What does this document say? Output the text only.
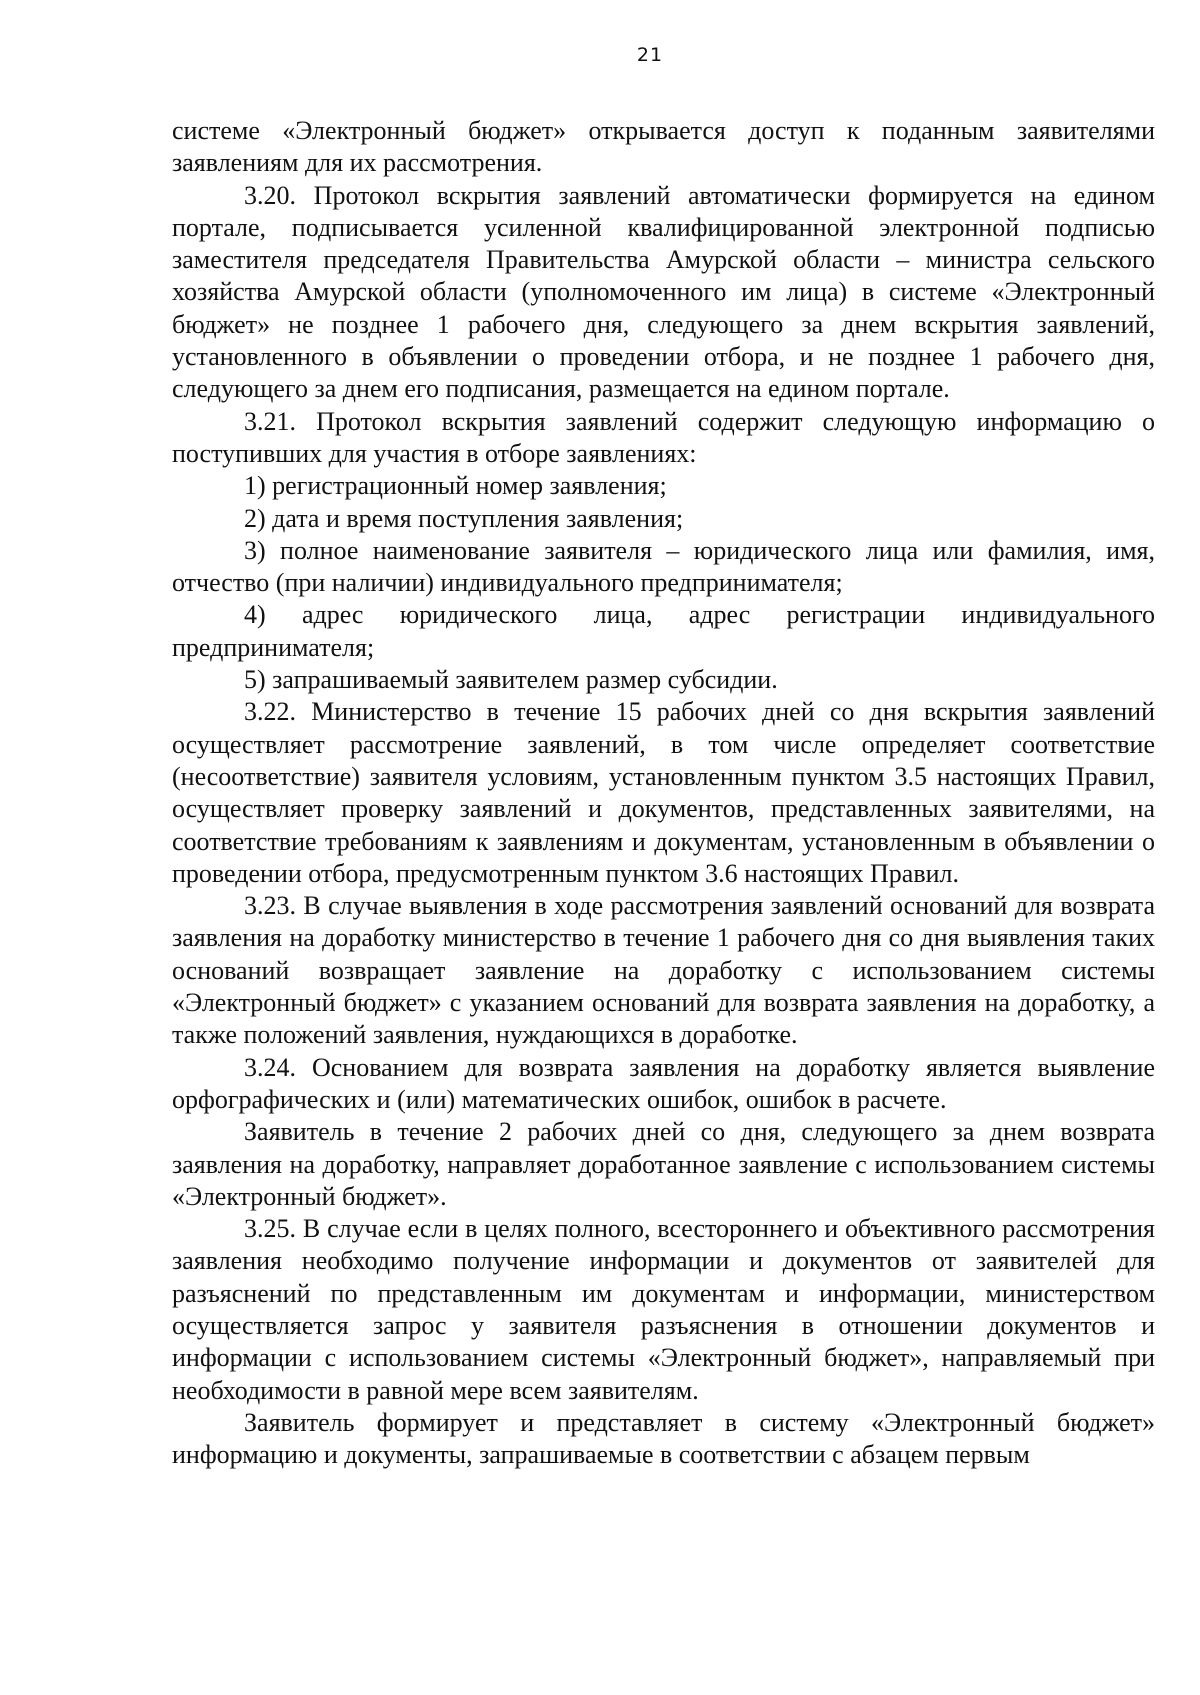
21

системе «Электронный бюджет» открывается доступ к поданным заявителями заявлениям для их рассмотрения.

3.20. Протокол вскрытия заявлений автоматически формируется на едином портале, подписывается усиленной квалифицированной электронной подписью заместителя председателя Правительства Амурской области – министра сельского хозяйства Амурской области (уполномоченного им лица) в системе «Электронный бюджет» не позднее 1 рабочего дня, следующего за днем вскрытия заявлений, установленного в объявлении о проведении отбора, и не позднее 1 рабочего дня, следующего за днем его подписания, размещается на едином портале.

3.21. Протокол вскрытия заявлений содержит следующую информацию о поступивших для участия в отборе заявлениях:

1) регистрационный номер заявления;

2) дата и время поступления заявления;

3) полное наименование заявителя – юридического лица или фамилия, имя, отчество (при наличии) индивидуального предпринимателя;

4) адрес юридического лица, адрес регистрации индивидуального предпринимателя;

5) запрашиваемый заявителем размер субсидии.

3.22. Министерство в течение 15 рабочих дней со дня вскрытия заявлений осуществляет рассмотрение заявлений, в том числе определяет соответствие (несоответствие) заявителя условиям, установленным пунктом 3.5 настоящих Правил, осуществляет проверку заявлений и документов, представленных заявителями, на соответствие требованиям к заявлениям и документам, установленным в объявлении о проведении отбора, предусмотренным пунктом 3.6 настоящих Правил.

3.23. В случае выявления в ходе рассмотрения заявлений оснований для возврата заявления на доработку министерство в течение 1 рабочего дня со дня выявления таких оснований возвращает заявление на доработку с использованием системы «Электронный бюджет» с указанием оснований для возврата заявления на доработку, а также положений заявления, нуждающихся в доработке.

3.24. Основанием для возврата заявления на доработку является выявление орфографических и (или) математических ошибок, ошибок в расчете.

Заявитель в течение 2 рабочих дней со дня, следующего за днем возврата заявления на доработку, направляет доработанное заявление с использованием системы «Электронный бюджет».

3.25. В случае если в целях полного, всестороннего и объективного рассмотрения заявления необходимо получение информации и документов от заявителей для разъяснений по представленным им документам и информации, министерством осуществляется запрос у заявителя разъяснения в отношении документов и информации с использованием системы «Электронный бюджет», направляемый при необходимости в равной мере всем заявителям.

Заявитель формирует и представляет в систему «Электронный бюджет» информацию и документы, запрашиваемые в соответствии с абзацем первым
